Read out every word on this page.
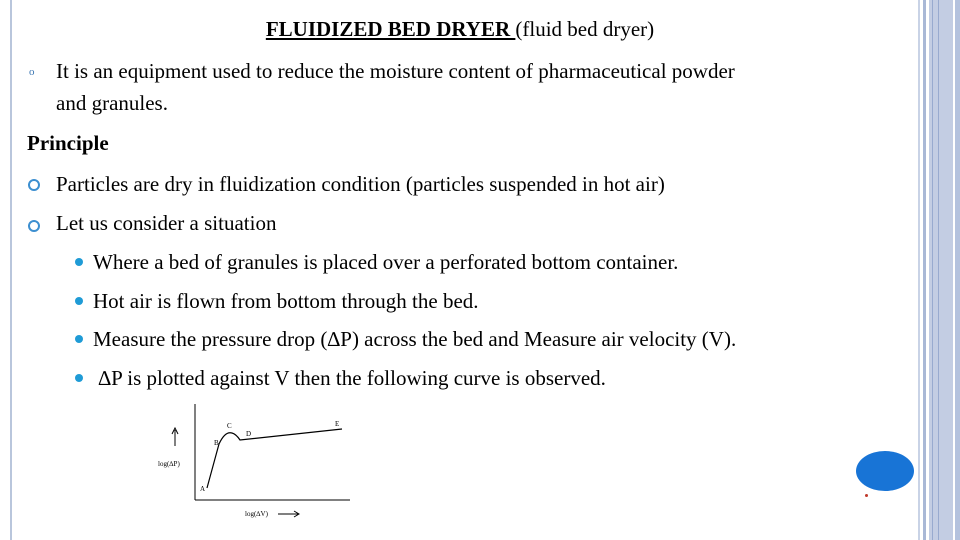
FLUIDIZED BED DRYER (fluid bed dryer)
o It is an equipment used to reduce the moisture content of pharmaceutical powder
and granules.
Principle
Particles are dry in fluidization condition (particles suspended in hot air)
Let us consider a situation
Where a bed of granules is placed over a perforated bottom container.
Hot air is flown from bottom through the bed.
Measure the pressure drop (∆P) across the bed and Measure air velocity (V).
∆P is plotted against V then the following curve is observed.
log(∆P)
log(∆V)
A
B
C
D
E
